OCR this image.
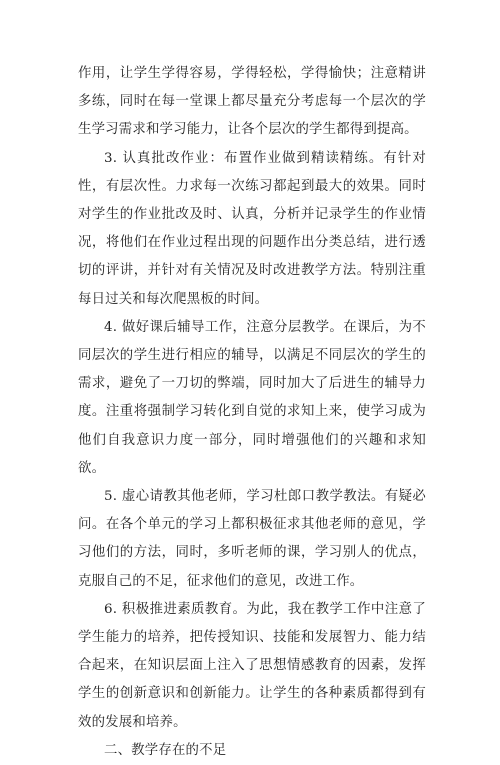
作用，让学生学得容易，学得轻松，学得愉快；注意精讲多练，同时在每一堂课上都尽量充分考虑每一个层次的学生学习需求和学习能力，让各个层次的学生都得到提高。

3. 认真批改作业：布置作业做到精读精练。有针对性，有层次性。力求每一次练习都起到最大的效果。同时对学生的作业批改及时、认真，分析并记录学生的作业情况，将他们在作业过程出现的问题作出分类总结，进行透切的评讲，并针对有关情况及时改进教学方法。特别注重每日过关和每次爬黑板的时间。

4. 做好课后辅导工作，注意分层教学。在课后，为不同层次的学生进行相应的辅导，以满足不同层次的学生的需求，避免了一刀切的弊端，同时加大了后进生的辅导力度。注重将强制学习转化到自觉的求知上来，使学习成为他们自我意识力度一部分，同时增强他们的兴趣和求知欲。

5. 虚心请教其他老师，学习杜郎口教学教法。有疑必问。在各个单元的学习上都积极征求其他老师的意见，学习他们的方法，同时，多听老师的课，学习别人的优点，克服自己的不足，征求他们的意见，改进工作。

6. 积极推进素质教育。为此，我在教学工作中注意了学生能力的培养，把传授知识、技能和发展智力、能力结合起来，在知识层面上注入了思想情感教育的因素，发挥学生的创新意识和创新能力。让学生的各种素质都得到有效的发展和培养。

二、教学存在的不足
